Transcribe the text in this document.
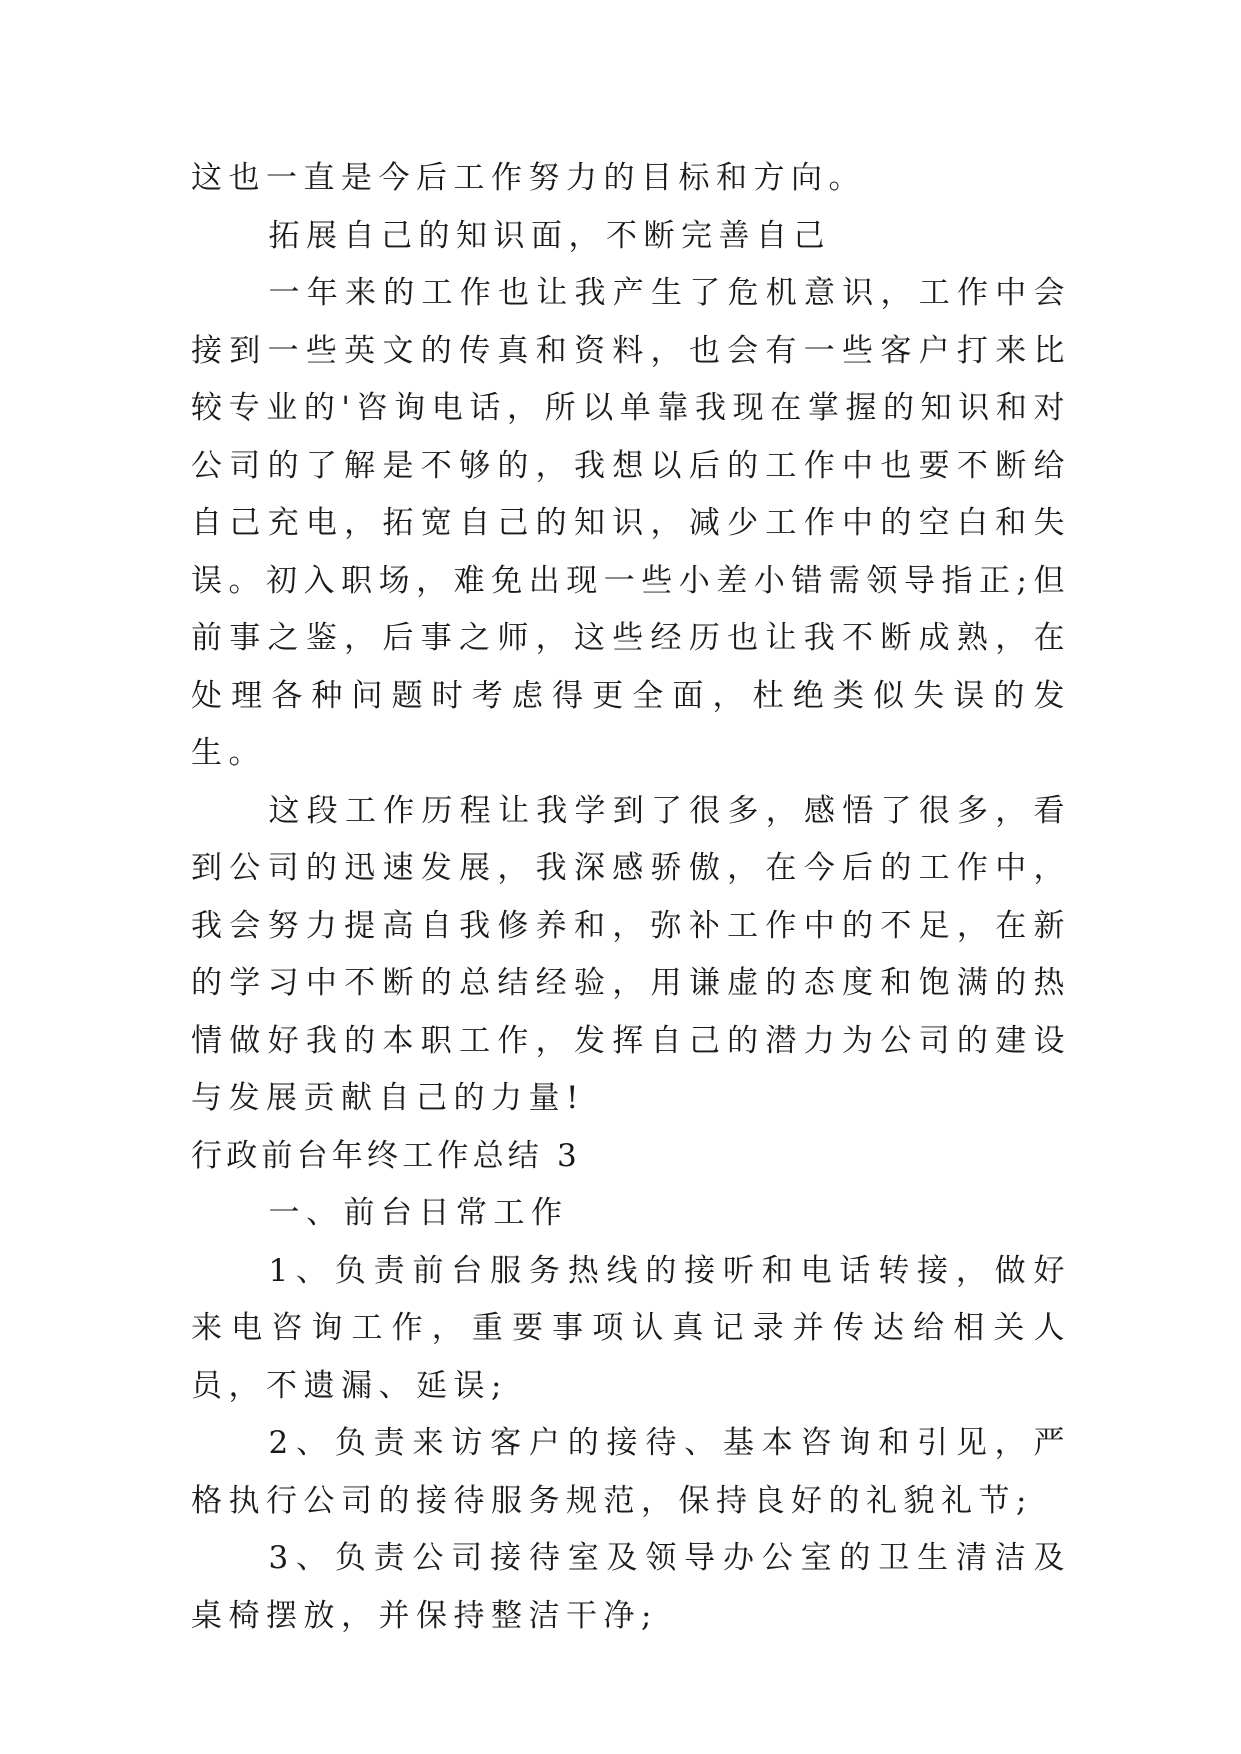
这也一直是今后工作努力的目标和方向。

拓展自己的知识面，不断完善自己

一年来的工作也让我产生了危机意识，工作中会接到一些英文的传真和资料，也会有一些客户打来比较专业的'咨询电话，所以单靠我现在掌握的知识和对公司的了解是不够的，我想以后的工作中也要不断给自己充电，拓宽自己的知识，减少工作中的空白和失误。初入职场，难免出现一些小差小错需领导指正;但前事之鉴，后事之师，这些经历也让我不断成熟，在处理各种问题时考虑得更全面，杜绝类似失误的发生。

这段工作历程让我学到了很多，感悟了很多，看到公司的迅速发展，我深感骄傲，在今后的工作中，我会努力提高自我修养和，弥补工作中的不足，在新的学习中不断的总结经验，用谦虚的态度和饱满的热情做好我的本职工作，发挥自己的潜力为公司的建设与发展贡献自己的力量!

行政前台年终工作总结 3

一、前台日常工作

1、负责前台服务热线的接听和电话转接，做好来电咨询工作，重要事项认真记录并传达给相关人员，不遗漏、延误;

2、负责来访客户的接待、基本咨询和引见，严格执行公司的接待服务规范，保持良好的礼貌礼节;

3、负责公司接待室及领导办公室的卫生清洁及桌椅摆放，并保持整洁干净;
